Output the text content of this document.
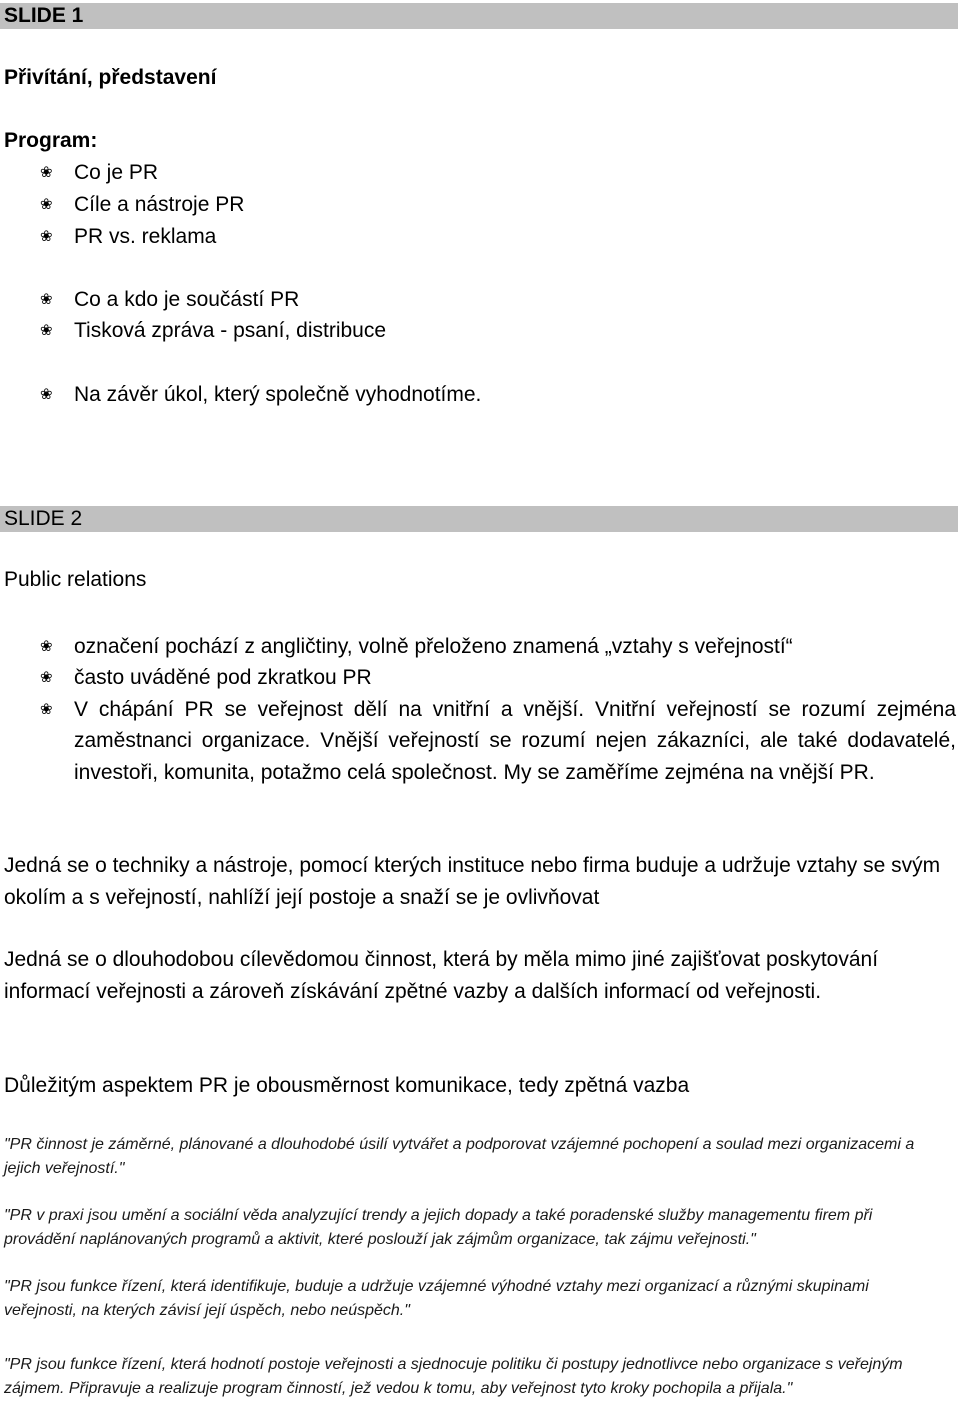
SLIDE 1
Přivítání, představení
Program:
❀	Co je PR
❀	Cíle a nástroje PR
❀	PR vs. reklama
❀	Co a kdo je součástí PR
❀	Tisková zpráva - psaní, distribuce
❀	Na závěr úkol, který společně vyhodnotíme.
SLIDE 2
Public relations
❀ označení pochází z angličtiny, volně přeloženo znamená „vztahy s veřejností“
❀ často uváděné pod zkratkou PR
❀ V chápání PR se veřejnost dělí na vnitřní a vnější. Vnitřní veřejností se rozumí zejména zaměstnanci organizace. Vnější veřejností se rozumí nejen zákazníci, ale také dodavatelé, investoři, komunita, potažmo celá společnost. My se zaměříme zejména na vnější PR.
Jedná se o techniky a nástroje, pomocí kterých instituce nebo firma buduje a udržuje vztahy se svým okolím a s veřejností, nahlíží její postoje a snaží se je ovlivňovat
Jedná se o dlouhodobou cílevědomou činnost, která by měla mimo jiné zajišťovat poskytování informací veřejnosti a zároveň získávání zpětné vazby a dalších informací od veřejnosti.
Důležitým aspektem PR je obousměrnost komunikace, tedy zpětná vazba
"PR činnost je záměrné, plánované a dlouhodobé úsilí vytvářet a podporovat vzájemné pochopení a soulad mezi organizacemi a jejich veřejností."
"PR v praxi jsou umění a sociální věda analyzující trendy a jejich dopady a také poradenské služby managementu firem při provádění naplánovaných programů a aktivit, které poslouží jak zájmům organizace, tak zájmu veřejnosti."
"PR jsou funkce řízení, která identifikuje, buduje a udržuje vzájemné výhodné vztahy mezi organizací a různými skupinami veřejnosti, na kterých závisí její úspěch, nebo neúspěch."
"PR jsou funkce řízení, která hodnotí postoje veřejnosti a sjednocuje politiku či postupy jednotlivce nebo organizace s veřejným zájmem. Připravuje a realizuje program činností, jež vedou k tomu, aby veřejnost tyto kroky pochopila a přijala."
